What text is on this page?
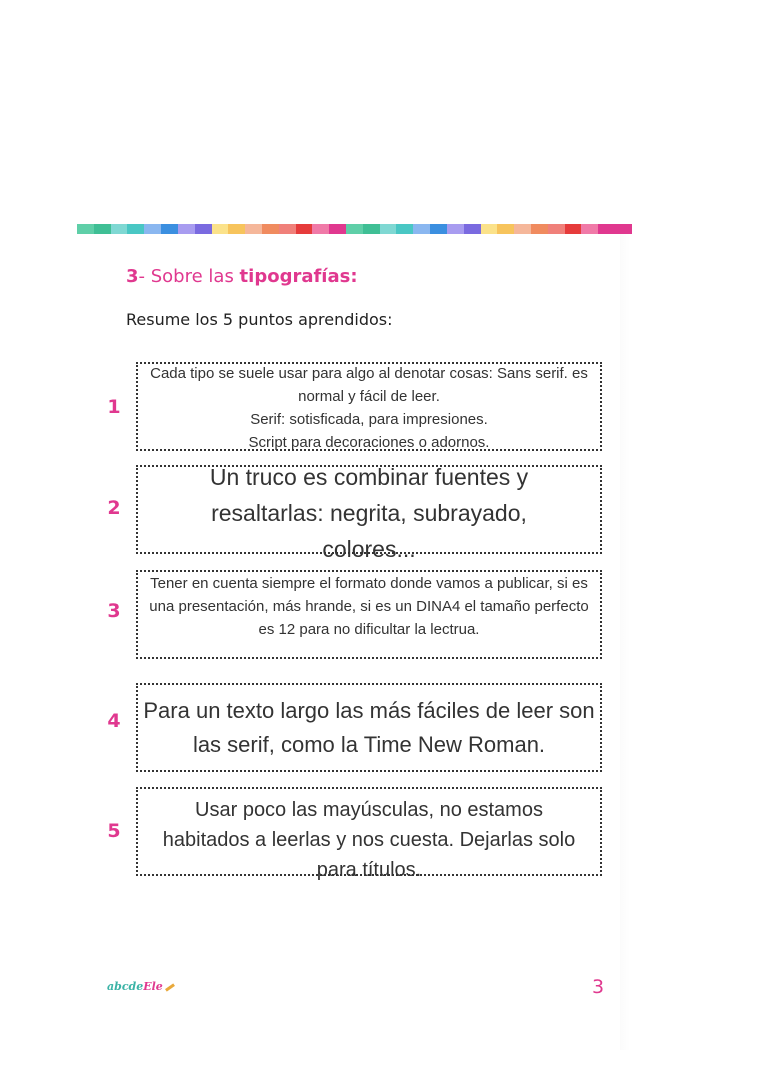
3- Sobre las tipografías:
Resume los 5 puntos aprendidos:
1
Cada tipo se suele usar para algo al denotar cosas: Sans serif. es normal y fácil de leer.
Serif: sotisficada, para impresiones.
Script para decoraciones o adornos.
2
Un truco es combinar fuentes y resaltarlas: negrita, subrayado, colores...
3
Tener en cuenta siempre el formato donde vamos a publicar, si es una presentación, más hrande, si es un DINA4 el tamaño perfecto es 12 para no dificultar la lectrua.
4 Para un texto largo las más fáciles de leer son las serif, como la Time New Roman.
5
Usar poco las mayúsculas, no estamos habitados a leerlas y nos cuesta. Dejarlas solo para títulos.
abcdeEle	3
